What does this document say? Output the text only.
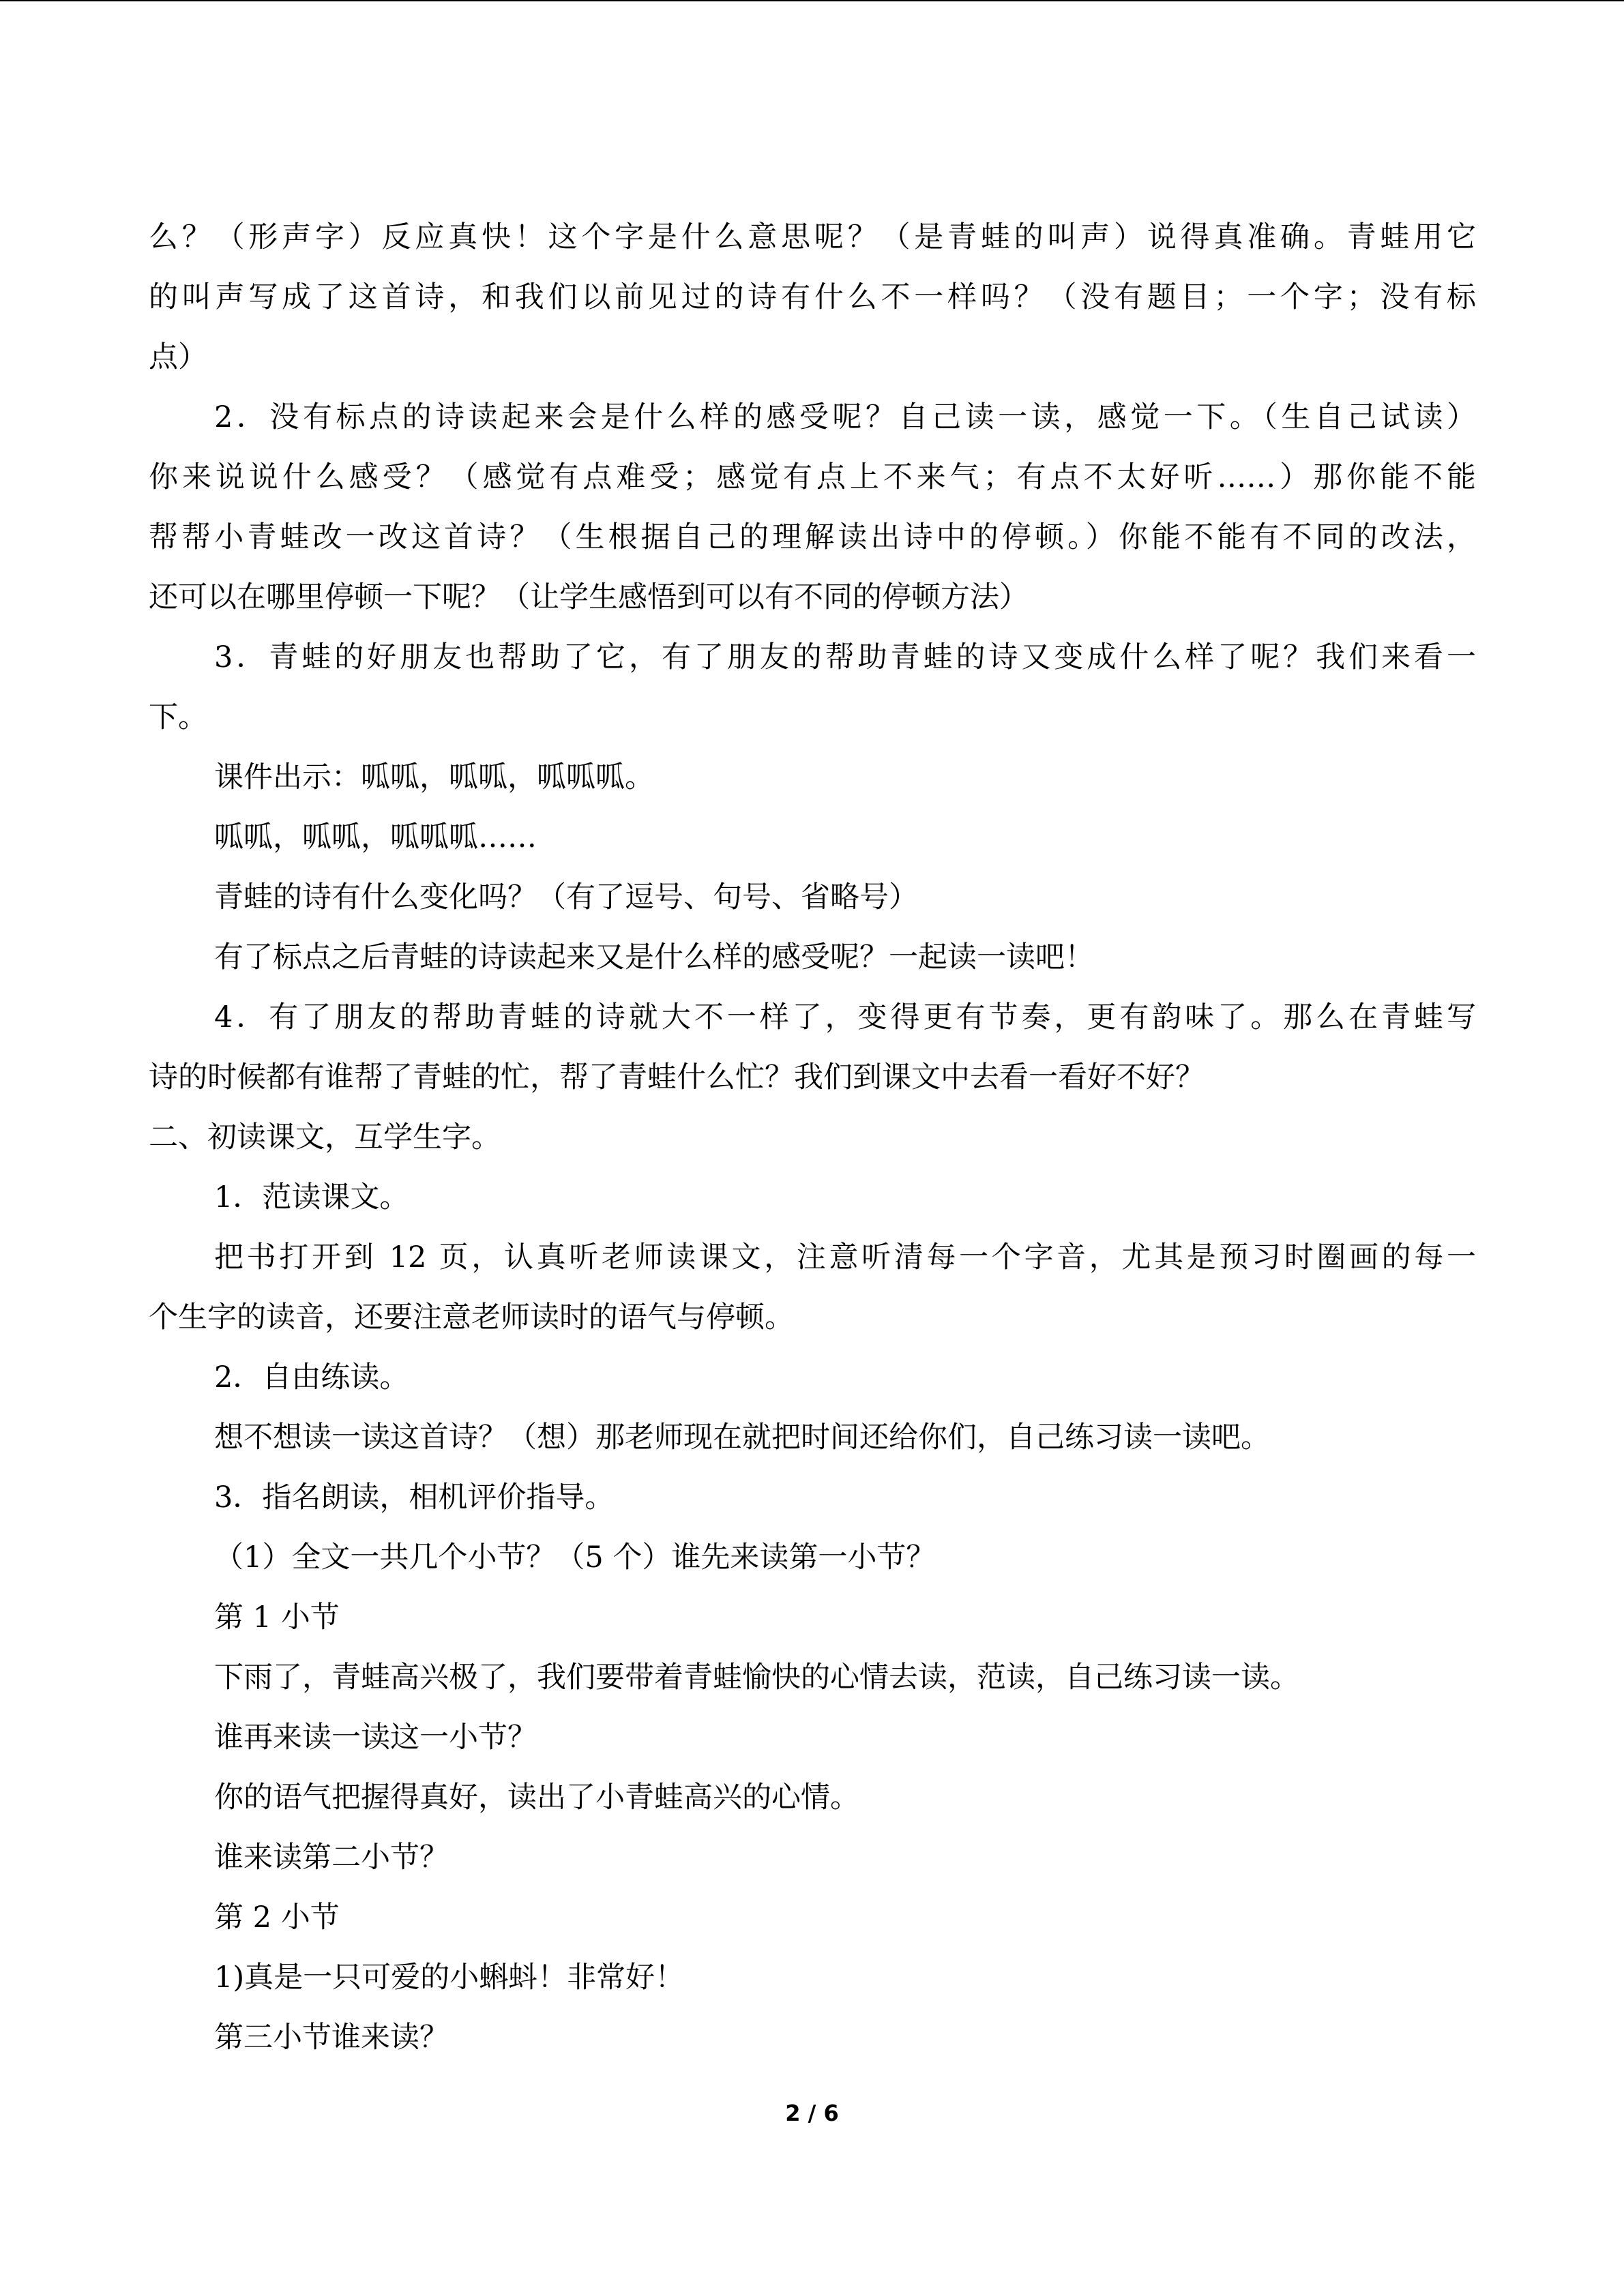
么？（形声字）反应真快！这个字是什么意思呢？（是青蛙的叫声）说得真准确。青蛙用它
的叫声写成了这首诗，和我们以前见过的诗有什么不一样吗？（没有题目；一个字；没有标
点）
2．没有标点的诗读起来会是什么样的感受呢？自己读一读，感觉一下。（生自己试读）
你来说说什么感受？（感觉有点难受；感觉有点上不来气；有点不太好听……）那你能不能
帮帮小青蛙改一改这首诗？（生根据自己的理解读出诗中的停顿。）你能不能有不同的改法，
还可以在哪里停顿一下呢？（让学生感悟到可以有不同的停顿方法）
3．青蛙的好朋友也帮助了它，有了朋友的帮助青蛙的诗又变成什么样了呢？我们来看一
下。
课件出示：呱呱，呱呱，呱呱呱。
呱呱，呱呱，呱呱呱……
青蛙的诗有什么变化吗？（有了逗号、句号、省略号）
有了标点之后青蛙的诗读起来又是什么样的感受呢？一起读一读吧！
4．有了朋友的帮助青蛙的诗就大不一样了，变得更有节奏，更有韵味了。那么在青蛙写
诗的时候都有谁帮了青蛙的忙，帮了青蛙什么忙？我们到课文中去看一看好不好？
二、初读课文，互学生字。
1．范读课文。
把书打开到 12 页，认真听老师读课文，注意听清每一个字音，尤其是预习时圈画的每一
个生字的读音，还要注意老师读时的语气与停顿。
2．自由练读。
想不想读一读这首诗？（想）那老师现在就把时间还给你们，自己练习读一读吧。
3．指名朗读，相机评价指导。
（1）全文一共几个小节？（5 个）谁先来读第一小节？
第 1 小节
下雨了，青蛙高兴极了，我们要带着青蛙愉快的心情去读，范读，自己练习读一读。
谁再来读一读这一小节？
你的语气把握得真好，读出了小青蛙高兴的心情。
谁来读第二小节？
第 2 小节
1)真是一只可爱的小蝌蚪！非常好！
第三小节谁来读？
2 / 6
